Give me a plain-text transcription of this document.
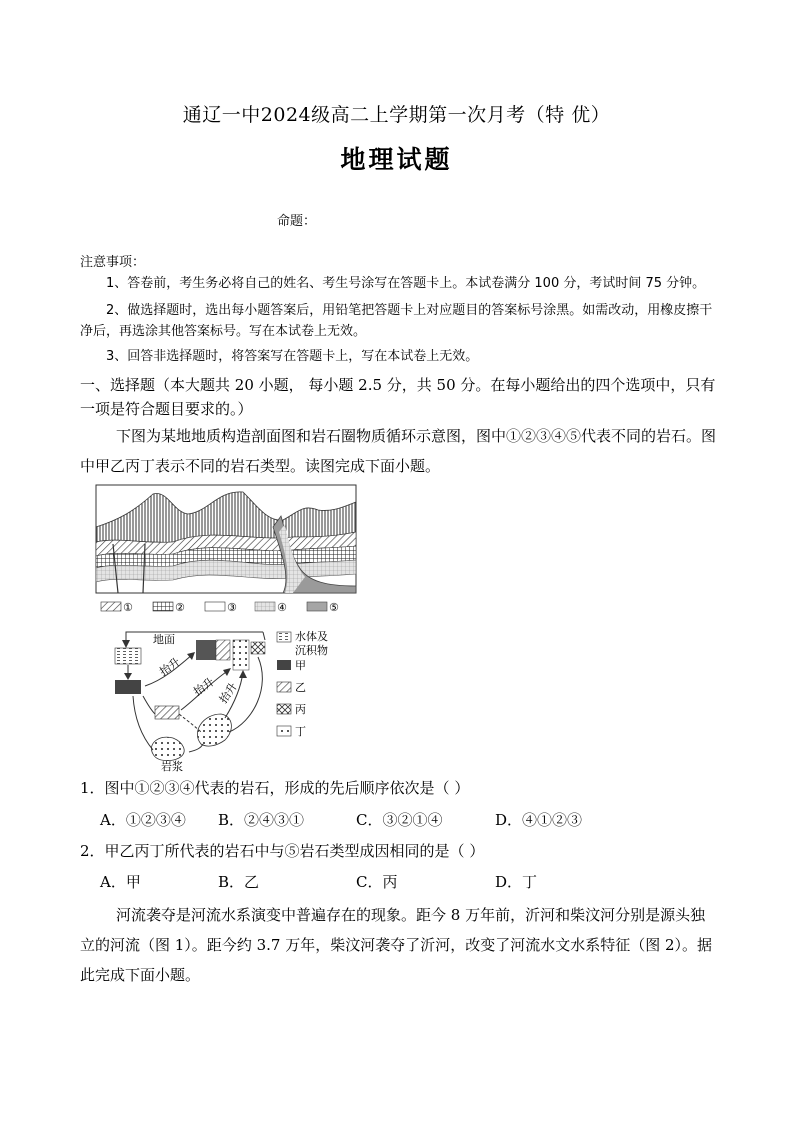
通辽一中2024级高二上学期第一次月考（特 优）
地理试题
命题：

注意事项：

1、答卷前，考生务必将自己的姓名、考生号涂写在答题卡上。本试卷满分 100 分，考试时间 75 分钟。

2、做选择题时，选出每小题答案后，用铅笔把答题卡上对应题目的答案标号涂黑。如需改动，用橡皮擦干净后，再选涂其他答案标号。写在本试卷上无效。

3、回答非选择题时，将答案写在答题卡上，写在本试卷上无效。

一、选择题（本大题共 20 小题， 每小题 2.5 分，共 50 分。在每小题给出的四个选项中，只有一项是符合题目要求的。）
下图为某地地质构造剖面图和岩石圈物质循环示意图，图中①②③④⑤代表不同的岩石。图中甲乙丙丁表示不同的岩石类型。读图完成下面小题。
①	②	③	④	⑤
地面
岩浆
抬升
抬升 抬升
水体及
沉积物
甲
乙
丙
丁
1．图中①②③④代表的岩石，形成的先后顺序依次是（ ）
A．①②③④ B．②④③①	C．③②①④	D．④①②③
2．甲乙丙丁所代表的岩石中与⑤岩石类型成因相同的是（ ）
A．甲	B．乙	C．丙	D．丁
河流袭夺是河流水系演变中普遍存在的现象。距今 8 万年前，沂河和柴汶河分别是源头独立的河流（图 1）。距今约 3.7 万年，柴汶河袭夺了沂河，改变了河流水文水系特征（图 2）。据此完成下面小题。
